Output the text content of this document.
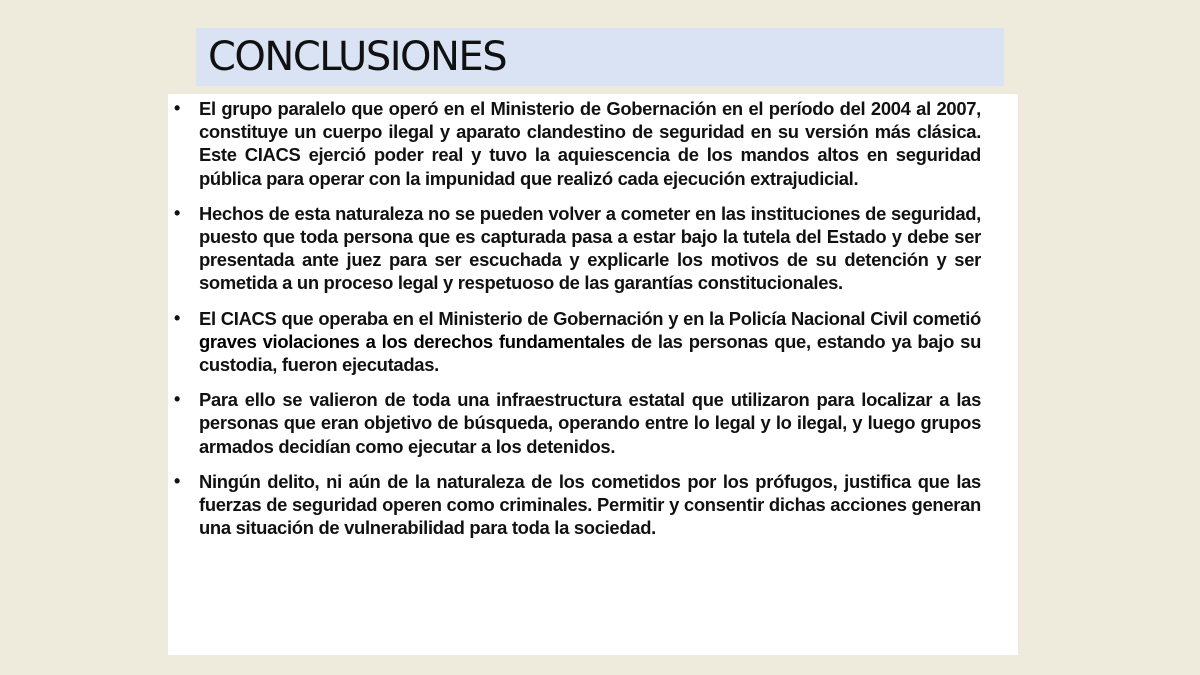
CONCLUSIONES
• El grupo paralelo que operó en el Ministerio de Gobernación en el período del 2004 al 2007, constituye un cuerpo ilegal y aparato clandestino de seguridad en su versión más clásica. Este CIACS ejerció poder real y tuvo la aquiescencia de los mandos altos en seguridad pública para operar con la impunidad que realizó cada ejecución extrajudicial.
• Hechos de esta naturaleza no se pueden volver a cometer en las instituciones de seguridad, puesto que toda persona que es capturada pasa a estar bajo la tutela del Estado y debe ser presentada ante juez para ser escuchada y explicarle los motivos de su detención y ser sometida a un proceso legal y respetuoso de las garantías constitucionales.
• El CIACS que operaba en el Ministerio de Gobernación y en la Policía Nacional Civil cometió graves violaciones a los derechos fundamentales de las personas que, estando ya bajo su custodia, fueron ejecutadas.
• Para ello se valieron de toda una infraestructura estatal que utilizaron para localizar a las personas que eran objetivo de búsqueda, operando entre lo legal y lo ilegal, y luego grupos armados decidían como ejecutar a los detenidos.
• Ningún delito, ni aún de la naturaleza de los cometidos por los prófugos, justifica que las fuerzas de seguridad operen como criminales. Permitir y consentir dichas acciones generan una situación de vulnerabilidad para toda la sociedad.
